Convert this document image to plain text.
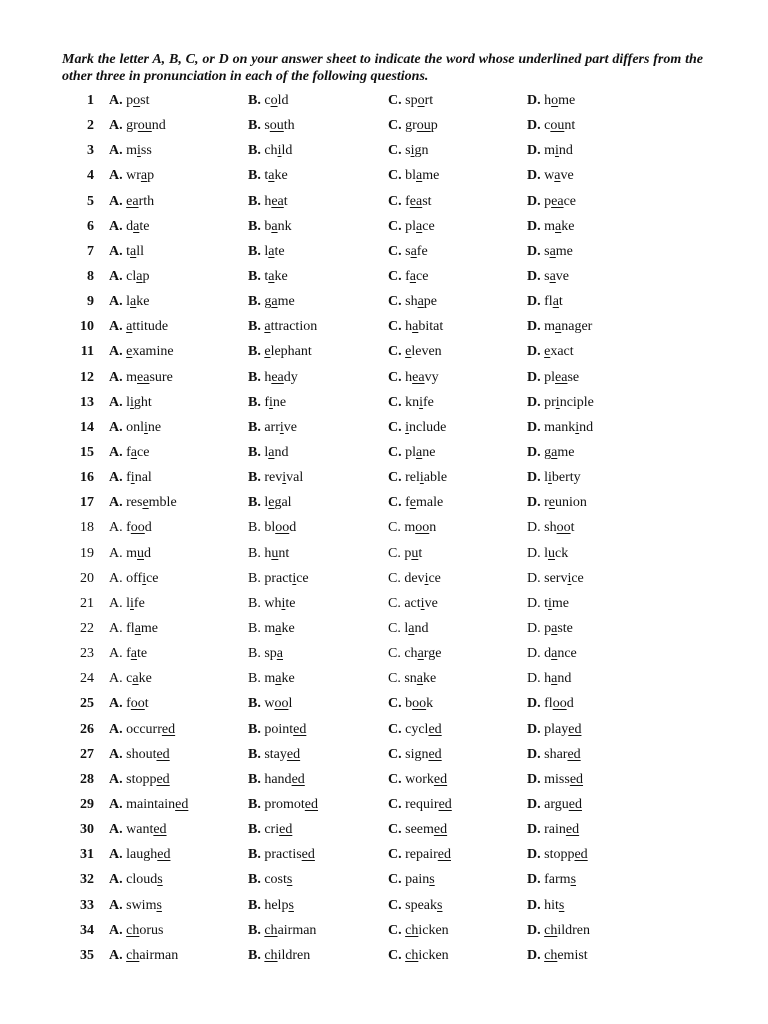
Mark the letter A, B, C, or D on your answer sheet to indicate the word whose underlined part differs from the other three in pronunciation in each of the following questions.
1 A. post	B. cold	C. sport	D. home
2 A. ground	B. south	C. group	D. count
3 A. miss	B. child	C. sign	D. mind
4 A. wrap	B. take	C. blame	D. wave
5 A. earth	B. heat	C. feast	D. peace
6 A. date	B. bank	C. place	D. make
7 A. tall	B. late	C. safe	D. same
8 A. clap	B. take	C. face	D. save
9 A. lake	B. game	C. shape	D. flat
10 A. attitude	B. attraction	C. habitat	D. manager
11 A. examine	B. elephant	C. eleven	D. exact
12 A. measure	B. heady	C. heavy	D. please
13 A. light	B. fine	C. knife	D. principle
14 A. online	B. arrive	C. include	D. mankind
15 A. face	B. land	C. plane	D. game
16 A. final	B. revival	C. reliable	D. liberty
17 A. resemble	B. legal	C. female	D. reunion
18 A. food	B. blood	C. moon	D. shoot
19 A. mud	B. hunt	C. put	D. luck
20 A. office	B. practice	C. device	D. service
21 A. life	B. white	C. active	D. time
22 A. flame	B. make	C. land	D. paste
23 A. fate	B. spa	C. charge	D. dance
24 A. cake	B. make	C. snake	D. hand
25 A. foot	B. wool	C. book	D. flood
26 A. occurred	B. pointed	C. cycled	D. played
27 A. shouted	B. stayed	C. signed	D. shared
28 A. stopped	B. handed	C. worked	D. missed
29 A. maintained	B. promoted	C. required	D. argued
30 A. wanted	B. cried	C. seemed	D. rained
31 A. laughed	B. practised	C. repaired	D. stopped
32 A. clouds	B. costs	C. pains	D. farms
33 A. swims	B. helps	C. speaks	D. hits
34 A. chorus	B. chairman	C. chicken	D. children
35 A. chairman	B. children	C. chicken	D. chemist
